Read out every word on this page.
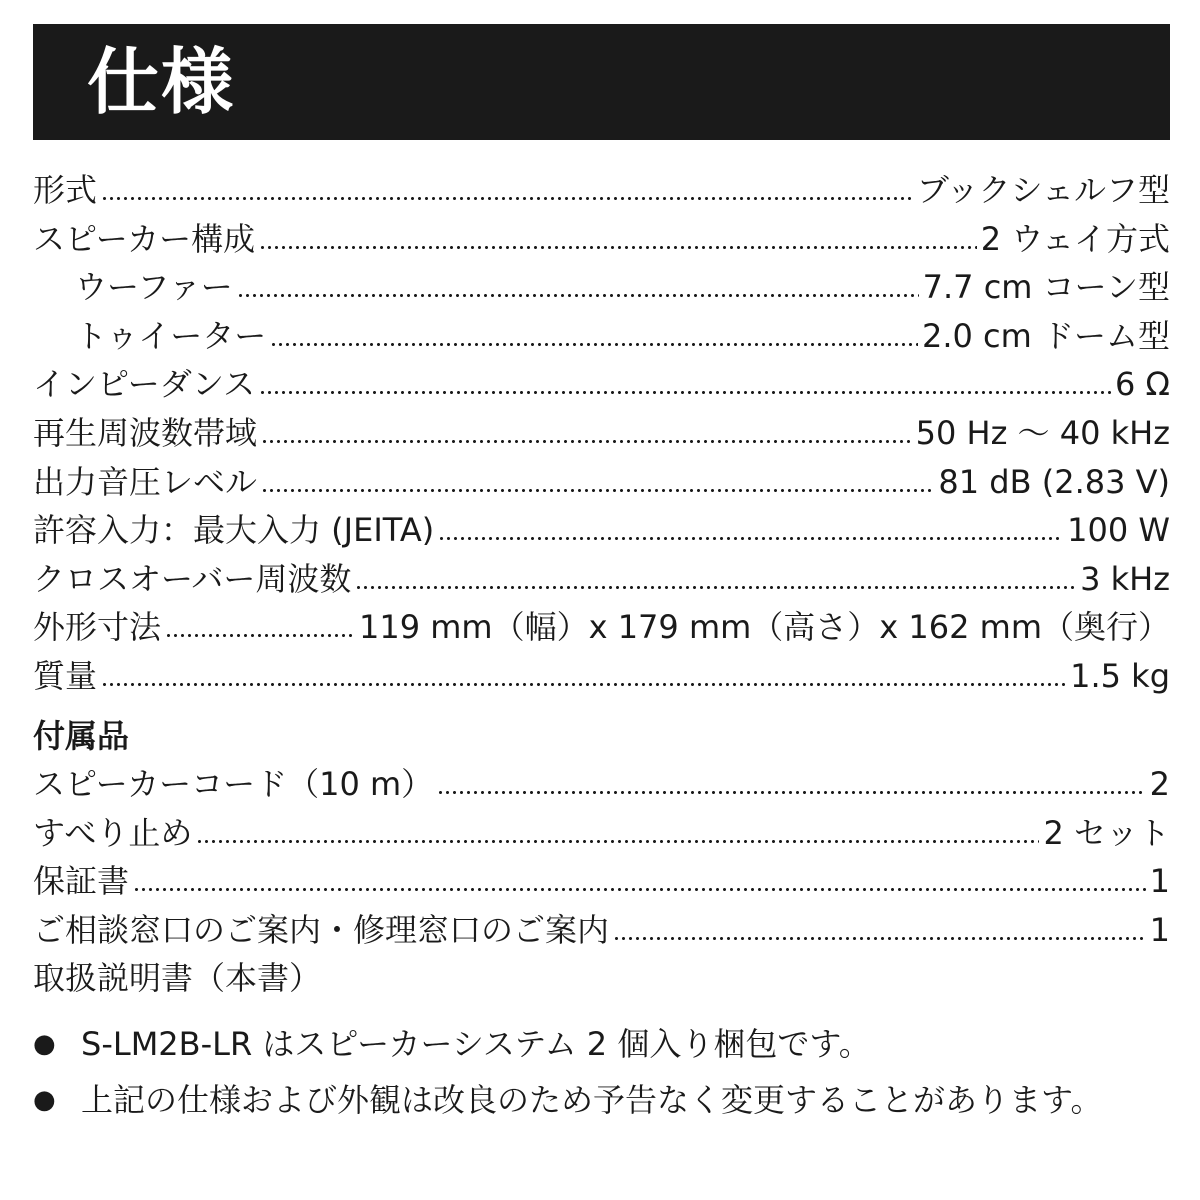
仕様
形式	ブックシェルフ型
スピーカー構成	2 ウェイ方式
ウーファー	7.7 cm コーン型
トゥイーター	2.0 cm ドーム型
インピーダンス	6 Ω
再生周波数帯域	50 Hz ～ 40 kHz
出力音圧レベル	81 dB (2.83 V)
許容入力：最大入力 (JEITA)	100 W
クロスオーバー周波数	3 kHz
外形寸法	119 mm（幅）x 179 mm（高さ）x 162 mm（奥行）
質量	1.5 kg
付属品
スピーカーコード（10 m）	2
すべり止め	2 セット
保証書	1
ご相談窓口のご案内・修理窓口のご案内	1
取扱説明書（本書）
● S-LM2B-LR はスピーカーシステム 2 個入り梱包です。
● 上記の仕様および外観は改良のため予告なく変更することがあります。
